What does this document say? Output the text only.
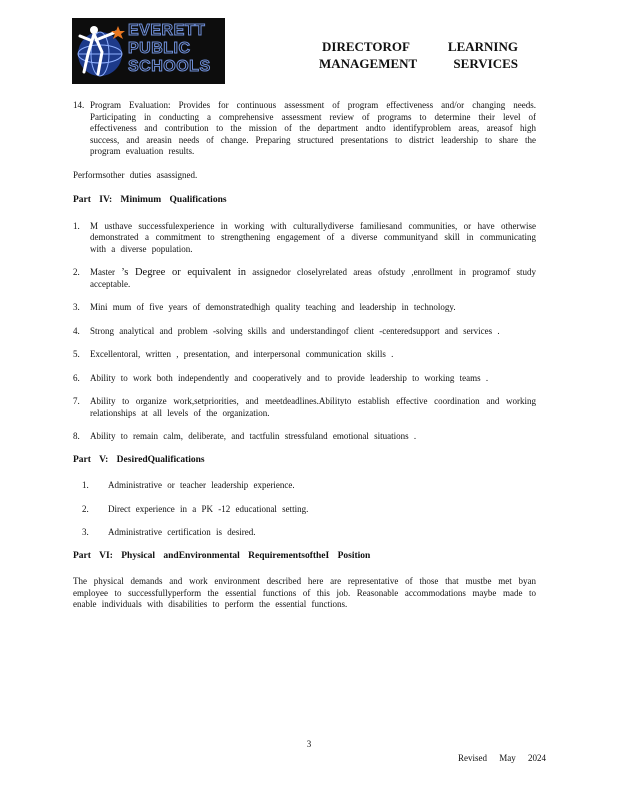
EVERETT
PUBLIC
SCHOOLS
DIRECTOROF	LEARNING
MANAGEMENT	SERVICES
14. Program Evaluation: Provides for continuous assessment of program effectiveness and/or changing needs. Participating in conducting a comprehensive assessment review of programs to determine their level of effectiveness and contribution to the mission of the department andto identifyproblem areas, areasof high success, and areasin needs of change. Preparing structured presentations to district leadership to share the program evaluation results.
Performsother duties asassigned.
Part IV: Minimum Qualifications
1.	M usthave successfulexperience in working with culturallydiverse familiesand communities, or have otherwise demonstrated a commitment to strengthening engagement of a diverse communityand skill in communicating with a diverse population.
2.	Master ’s Degree or equivalent in assignedor closelyrelated areas ofstudy ,enrollment in programof study acceptable.
3.	Mini mum of five years of demonstratedhigh quality teaching and leadership in technology.
4.	Strong analytical and problem -solving skills and understandingof client -centeredsupport and services .
5.	Excellentoral, written , presentation, and interpersonal communication skills .
6.	Ability to work both independently and cooperatively and to provide leadership to working teams .
7.	Ability to organize work,setpriorities, and meetdeadlines.Abilityto establish effective coordination and working relationships at all levels of the organization.
8.	Ability to remain calm, deliberate, and tactfulin stressfuland emotional situations .
Part V: DesiredQualifications
1.	Administrative or teacher leadership experience.
2.	Direct experience in a PK -12 educational setting.
3.	Administrative certification is desired.
Part VI: Physical andEnvironmental RequirementsoftheI Position
The physical demands and work environment described here are representative of those that mustbe met byan employee to successfullyperform the essential functions of this job. Reasonable accommodations maybe made to enable individuals with disabilities to perform the essential functions.
3
Revised May 2024
